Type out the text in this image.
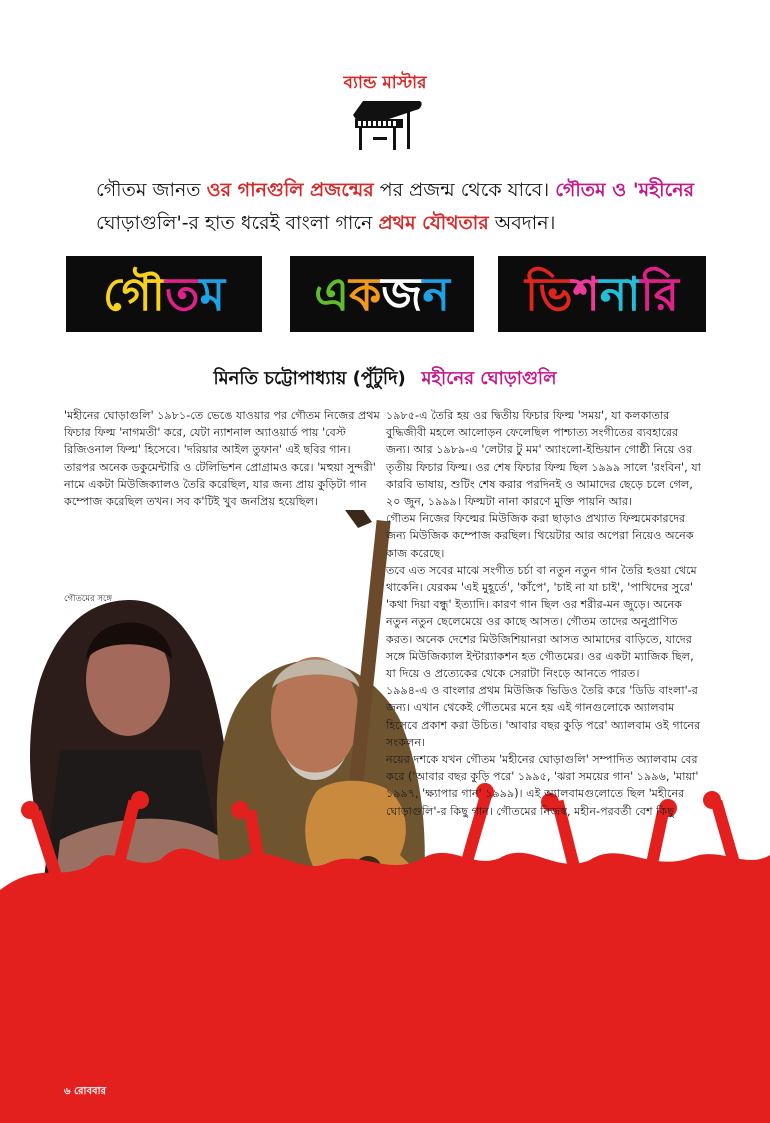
ব্যান্ড মাস্টার
গৌতম জানত ওর গানগুলি প্রজন্মের পর প্রজন্ম থেকে যাবে। গৌতম ও 'মহীনের ঘোড়াগুলি'-র হাত ধরেই বাংলা গানে প্রথম যৌথতার অবদান।
গৌ ত ম এ ক জ ন ভি শ না রি
মিনতি চট্টোপাধ্যায় (পুঁটুদি) মহীনের ঘোড়াগুলি

'মহীনের ঘোড়াগুলি' ১৯৮১-তে ভেঙে যাওয়ার পর গৌতম নিজের প্রথম ফিচার ফিল্ম 'নাগমতী' করে, যেটা ন্যাশনাল অ্যাওয়ার্ড পায় 'বেস্ট রিজিওনাল ফিল্ম' হিসেবে। 'দরিয়ার আইল তুফান' এই ছবির গান। তারপর অনেক ডকুমেন্টারি ও টেলিভিশন প্রোগ্রামও করে। 'মহুয়া সুন্দরী' নামে একটা মিউজিক্যালও তৈরি করেছিল, যার জন্য প্রায় কুড়িটা গান কম্পোজ করেছিল তখন। সব ক'টিই খুব জনপ্রিয় হয়েছিল।

১৯৮৫-এ তৈরি হয় ওর দ্বিতীয় ফিচার ফিল্ম 'সময়', যা কলকাতার বুদ্ধিজীবী মহলে আলোড়ন ফেলেছিল পাশ্চাত্য সংগীতের ব্যবহারের জন্য। আর ১৯৮৯-এ 'লেটার টু মম' অ্যাংলো-ইন্ডিয়ান গোষ্ঠী নিয়ে ওর তৃতীয় ফিচার ফিল্ম। ওর শেষ ফিচার ফিল্ম ছিল ১৯৯৯ সালে 'রংবিন', যা কারবি ভাষায়, শুটিং শেষ করার পরদিনই ও আমাদের ছেড়ে চলে গেল, ২০ জুন, ১৯৯৯। ফিল্মটা নানা কারণে মুক্তি পায়নি আর।

গৌতম নিজের ফিল্মের মিউজিক করা ছাড়াও প্রখ্যাত ফিল্মমেকারদের জন্য মিউজিক কম্পোজ করছিল। থিয়েটার আর অপেরা নিয়েও অনেক কাজ করেছে।

তবে এত সবের মাঝে সংগীত চর্চা বা নতুন নতুন গান তৈরি হওয়া থেমে থাকেনি। যেরকম 'এই মুহূর্তে', 'কাঁপে', 'চাই না যা চাই', 'পাখিদের সুরে' 'কথা দিয়া বন্ধু' ইত্যাদি। কারণ গান ছিল ওর শরীর-মন জুড়ে। অনেক নতুন নতুন ছেলেমেয়ে ওর কাছে আসত। গৌতম তাদের অনুপ্রাণিত করত। অনেক দেশের মিউজিশিয়ানরা আসত আমাদের বাড়িতে, যাদের সঙ্গে মিউজিক্যাল ইন্টার‍্যাকশন হত গৌতমের। ওর একটা ম্যাজিক ছিল, যা দিয়ে ও প্রত্যেকের থেকে সেরাটা নিংড়ে আনতে পারত।

১৯৯৪-এ ও বাংলার প্রথম মিউজিক ভিডিও তৈরি করে 'ডিডি বাংলা'-র জন্য। এখান থেকেই গৌতমের মনে হয় এই গানগুলোকে অ্যালবাম হিসেবে প্রকাশ করা উচিত। 'আবার বছর কুড়ি পরে' অ্যালবাম ওই গানের সংকলন।

নয়ের দশকে যখন গৌতম 'মহীনের ঘোড়াগুলি' সম্পাদিত অ্যালবাম বের করে ('আবার বছর কুড়ি পরে' ১৯৯৫, 'ঝরা সময়ের গান' ১৯৯৬, 'মায়া' ১৯৯৭, 'ক্ষ্যাপার গান' ১৯৯৯)। এই অ্যালবামগুলোতে ছিল 'মহীনের ঘোড়াগুলি'-র কিছু গান। গৌতমের নিজস্ব, মহীন-পরবর্তী বেশ কিছু

গৌতমের সঙ্গে
৬ রোববার
